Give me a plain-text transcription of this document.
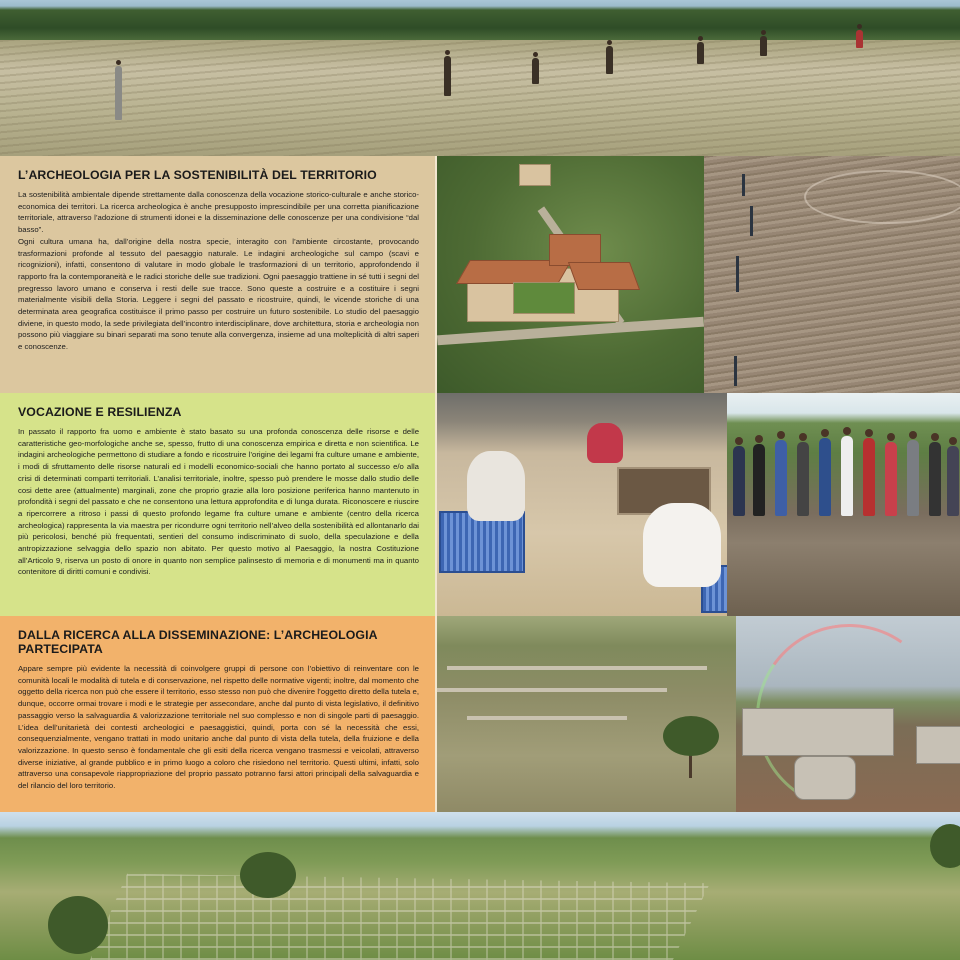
L’ARCHEOLOGIA PER LA SOSTENIBILITÀ DEL TERRITORIO

La sostenibilità ambientale dipende strettamente dalla conoscenza della vocazione storico-culturale e anche storico-economica dei territori. La ricerca archeologica è anche presupposto imprescindibile per una corretta pianificazione territoriale, attraverso l’adozione di strumenti idonei e la disseminazione delle conoscenze per una condivisione “dal basso”.

Ogni cultura umana ha, dall’origine della nostra specie, interagito con l’ambiente circostante, provocando trasformazioni profonde al tessuto del paesaggio naturale. Le indagini archeologiche sul campo (scavi e ricognizioni), infatti, consentono di valutare in modo globale le trasformazioni di un territorio, approfondendo il rapporto fra la contemporaneità e le radici storiche delle sue tradizioni. Ogni paesaggio trattiene in sé tutti i segni del pregresso lavoro umano e conserva i resti delle sue tracce. Sono queste a costruire e a costituire i segni materialmente visibili della Storia. Leggere i segni del passato e ricostruire, quindi, le vicende storiche di una determinata area geografica costituisce il primo passo per costruire un futuro sostenibile. Lo studio del paesaggio diviene, in questo modo, la sede privilegiata dell’incontro interdisciplinare, dove architettura, storia e archeologia non possono più viaggiare su binari separati ma sono tenute alla convergenza, insieme ad una molteplicità di altri saperi e conoscenze.

VOCAZIONE E RESILIENZA

In passato il rapporto fra uomo e ambiente è stato basato su una profonda conoscenza delle risorse e delle caratteristiche geo-morfologiche anche se, spesso, frutto di una conoscenza empirica e diretta e non scientifica. Le indagini archeologiche permettono di studiare a fondo e ricostruire l’origine dei legami fra culture umane e ambiente, i modi di sfruttamento delle risorse naturali ed i modelli economico-sociali che hanno portato al successo e/o alla crisi di determinati comparti territoriali. L’analisi territoriale, inoltre, spesso può prendere le mosse dallo studio delle cosi dette aree (attualmente) marginali, zone che proprio grazie alla loro posizione periferica hanno mantenuto in profondità i segni del passato e che ne consentono una lettura approfondita e di lunga durata. Riconoscere e riuscire a ripercorrere a ritroso i passi di questo profondo legame fra culture umane e ambiente (centro della ricerca archeologica) rappresenta la via maestra per ricondurre ogni territorio nell’alveo della sostenibilità ed allontanarlo dai più pericolosi, benché più frequentati, sentieri del consumo indiscriminato di suolo, della speculazione e della antropizzazione selvaggia dello spazio non abitato. Per questo motivo al Paesaggio, la nostra Costituzione all’Articolo 9, riserva un posto di onore in quanto non semplice palinsesto di memoria e di monumenti ma in quanto contenitore di diritti comuni e condivisi.

DALLA RICERCA ALLA DISSEMINAZIONE: L’ARCHEOLOGIA PARTECIPATA

Appare sempre più evidente la necessità di coinvolgere gruppi di persone con l’obiettivo di reinventare con le comunità locali le modalità di tutela e di conservazione, nel rispetto delle normative vigenti; inoltre, dal momento che oggetto della ricerca non può che essere il territorio, esso stesso non può che divenire l’oggetto diretto della tutela e, dunque, occorre ormai trovare i modi e le strategie per assecondare, anche dal punto di vista legislativo, il definitivo passaggio verso la salvaguardia & valorizzazione territoriale nel suo complesso e non di singole parti di paesaggio. L’idea dell’unitarietà dei contesti archeologici e paesaggistici, quindi, porta con sé la necessità che essi, consequenzialmente, vengano trattati in modo unitario anche dal punto di vista della tutela, della fruizione e della valorizzazione. In questo senso è fondamentale che gli esiti della ricerca vengano trasmessi e veicolati, attraverso diverse iniziative, al grande pubblico e in primo luogo a coloro che risiedono nel territorio. Questi ultimi, infatti, solo attraverso una consapevole riappropriazione del proprio passato potranno farsi attori principali della salvaguardia e del rilancio del loro territorio.
